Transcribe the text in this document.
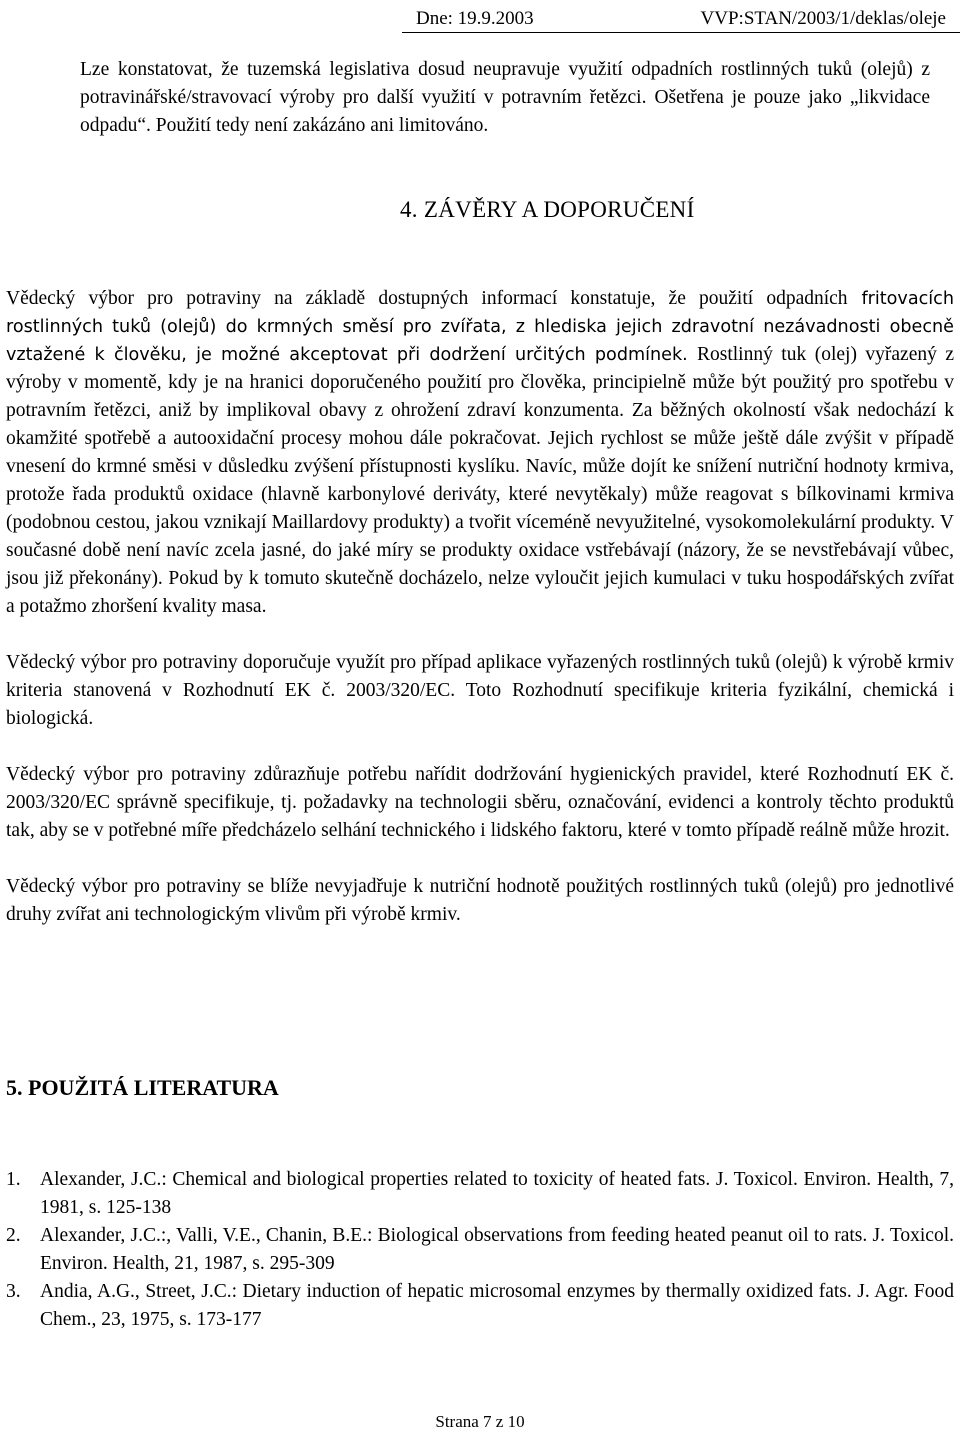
Dne: 19.9.2003	VVP:STAN/2003/1/deklas/oleje

Lze konstatovat, že tuzemská legislativa dosud neupravuje využití odpadních rostlinných tuků (olejů) z potravinářské/stravovací výroby pro další využití v potravním řetězci. Ošetřena je pouze jako „likvidace odpadu“. Použití tedy není zakázáno ani limitováno.

4. ZÁVĚRY A DOPORUČENÍ

Vědecký výbor pro potraviny na základě dostupných informací konstatuje, že použití odpadních fritovacích rostlinných tuků (olejů) do krmných směsí pro zvířata, z hlediska jejich zdravotní nezávadnosti obecně vztažené k člověku, je možné akceptovat při dodržení určitých podmínek. Rostlinný tuk (olej) vyřazený z výroby v momentě, kdy je na hranici doporučeného použití pro člověka, principielně může být použitý pro spotřebu v potravním řetězci, aniž by implikoval obavy z ohrožení zdraví konzumenta. Za běžných okolností však nedochází k okamžité spotřebě a autooxidační procesy mohou dále pokračovat. Jejich rychlost se může ještě dále zvýšit v případě vnesení do krmné směsi v důsledku zvýšení přístupnosti kyslíku. Navíc, může dojít ke snížení nutriční hodnoty krmiva, protože řada produktů oxidace (hlavně karbonylové deriváty, které nevytěkaly) může reagovat s bílkovinami krmiva (podobnou cestou, jakou vznikají Maillardovy produkty) a tvořit víceméně nevyužitelné, vysokomolekulární produkty. V současné době není navíc zcela jasné, do jaké míry se produkty oxidace vstřebávají (názory, že se nevstřebávají vůbec, jsou již překonány). Pokud by k tomuto skutečně docházelo, nelze vyloučit jejich kumulaci v tuku hospodářských zvířat a potažmo zhoršení kvality masa.

Vědecký výbor pro potraviny doporučuje využít pro případ aplikace vyřazených rostlinných tuků (olejů) k výrobě krmiv kriteria stanovená v Rozhodnutí EK č. 2003/320/EC. Toto Rozhodnutí specifikuje kriteria fyzikální, chemická i biologická.

Vědecký výbor pro potraviny zdůrazňuje potřebu nařídit dodržování hygienických pravidel, které Rozhodnutí EK č. 2003/320/EC správně specifikuje, tj. požadavky na technologii sběru, označování, evidenci a kontroly těchto produktů tak, aby se v potřebné míře předcházelo selhání technického i lidského faktoru, které v tomto případě reálně může hrozit.

Vědecký výbor pro potraviny se blíže nevyjadřuje k nutriční hodnotě použitých rostlinných tuků (olejů) pro jednotlivé druhy zvířat ani technologickým vlivům při výrobě krmiv.

5. POUŽITÁ LITERATURA
1. Alexander, J.C.: Chemical and biological properties related to toxicity of heated fats. J. Toxicol. Environ. Health, 7, 1981, s. 125-138
2. Alexander, J.C.:, Valli, V.E., Chanin, B.E.: Biological observations from feeding heated peanut oil to rats. J. Toxicol. Environ. Health, 21, 1987, s. 295-309
3. Andia, A.G., Street, J.C.: Dietary induction of hepatic microsomal enzymes by thermally oxidized fats. J. Agr. Food Chem., 23, 1975, s. 173-177
Strana 7 z 10
